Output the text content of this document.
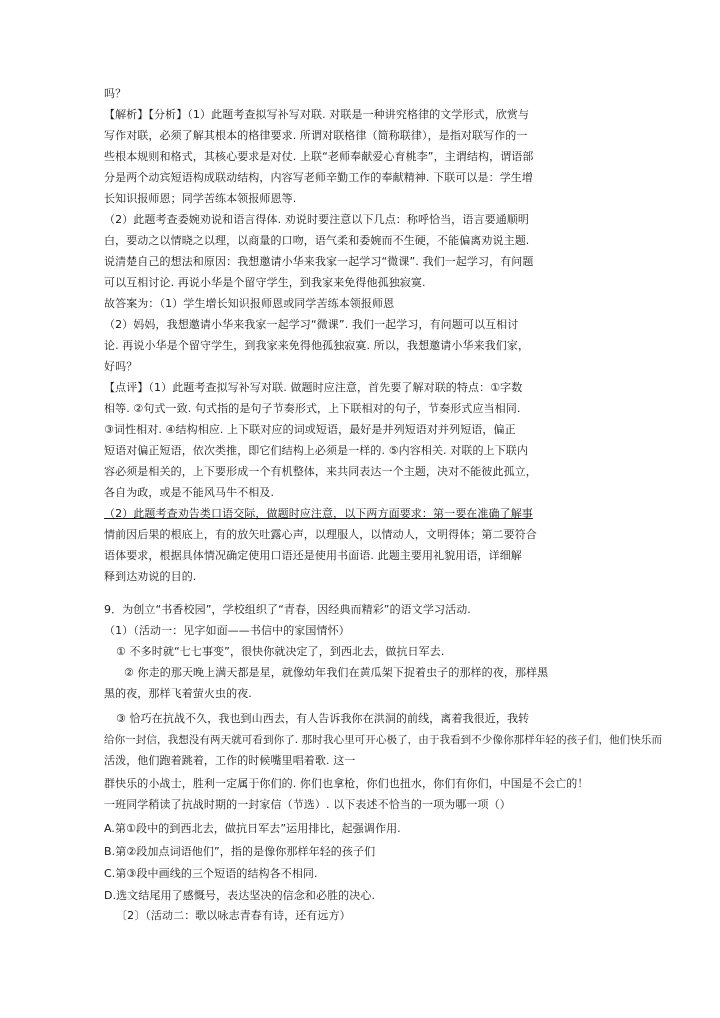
吗？
【解析】【分析】（1）此题考查拟写补写对联. 对联是一种讲究格律的文学形式，欣赏与
写作对联，必须了解其根本的格律要求. 所谓对联格律（简称联律），是指对联写作的一
些根本规则和格式，其核心要求是对仗. 上联“老师奉献爱心育桃李”，主谓结构，谓语部
分是两个动宾短语构成联动结构，内容写老师辛勤工作的奉献精神. 下联可以是：学生增
长知识报师恩；同学苦练本领报师恩等.
（2）此题考查委婉劝说和语言得体. 劝说时要注意以下几点：称呼恰当，语言要通顺明
白，要动之以情晓之以理，以商量的口吻，语气柔和委婉而不生硬，不能偏离劝说主题.
说清楚自己的想法和原因：我想邀请小华来我家一起学习“微课”. 我们一起学习，有问题
可以互相讨论. 再说小华是个留守学生，到我家来免得他孤独寂寞.
故答案为：（1）学生增长知识报师恩或同学苦练本领报师恩
（2）妈妈，我想邀请小华来我家一起学习“微课”. 我们一起学习，有问题可以互相讨
论. 再说小华是个留守学生，到我家来免得他孤独寂寞. 所以，我想邀请小华来我们家，
好吗？
【点评】（1）此题考查拟写补写对联. 做题时应注意，首先要了解对联的特点：①字数
相等. ②句式一致. 句式指的是句子节奏形式，上下联相对的句子，节奏形式应当相同.
③词性相对. ④结构相应. 上下联对应的词或短语，最好是并列短语对并列短语，偏正
短语对偏正短语，依次类推，即它们结构上必须是一样的. ⑤内容相关. 对联的上下联内
容必须是相关的，上下要形成一个有机整体，来共同表达一个主题，决对不能彼此孤立，
各自为政，或是不能风马牛不相及.
（2）此题考查劝告类口语交际，做题时应注意，以下两方面要求：第一要在准确了解事
情前因后果的根底上，有的放矢吐露心声，以理服人，以情动人，文明得体；第二要符合
语体要求，根据具体情况确定使用口语还是使用书面语. 此题主要用礼貌用语，详细解
释到达劝说的目的.
9．为创立“书香校园”，学校组织了“青春，因经典而精彩”的语文学习活动.
（1）（活动一：见字如面——书信中的家国情怀）
① 不多时就“七七事变”，很快你就决定了，到西北去，做抗日军去.
② 你走的那天晚上满天都是星，就像幼年我们在黄瓜架下捉着虫子的那样的夜，那样黑
黑的夜，那样飞着萤火虫的夜.
③ 恰巧在抗战不久，我也到山西去，有人告诉我你在洪洞的前线，离着我很近，我转
给你一封信，我想没有两天就可看到你了. 那时我心里可开心极了，由于我看到不少像你那样年轻的孩子们，他们快乐而
活泼，他们跑着跳着，工作的时候嘴里唱着歌. 这一
群快乐的小战士，胜利一定属于你们的. 你们也拿枪，你们也扭水，你们有你们，中国是不会亡的！
一班同学稍读了抗战时期的一封家信（节选）. 以下表述不恰当的一项为哪一项（）
A.第①段中的到西北去，做抗日军去”运用排比，起强调作用.
B.第②段加点词语他们”，指的是像你那样年轻的孩子们
C.第③段中画线的三个短语的结构各不相同.
D.选文结尾用了感慨号，表达坚决的信念和必胜的决心.
〔2〕（活动二：歌以咏志青春有诗，还有远方）
